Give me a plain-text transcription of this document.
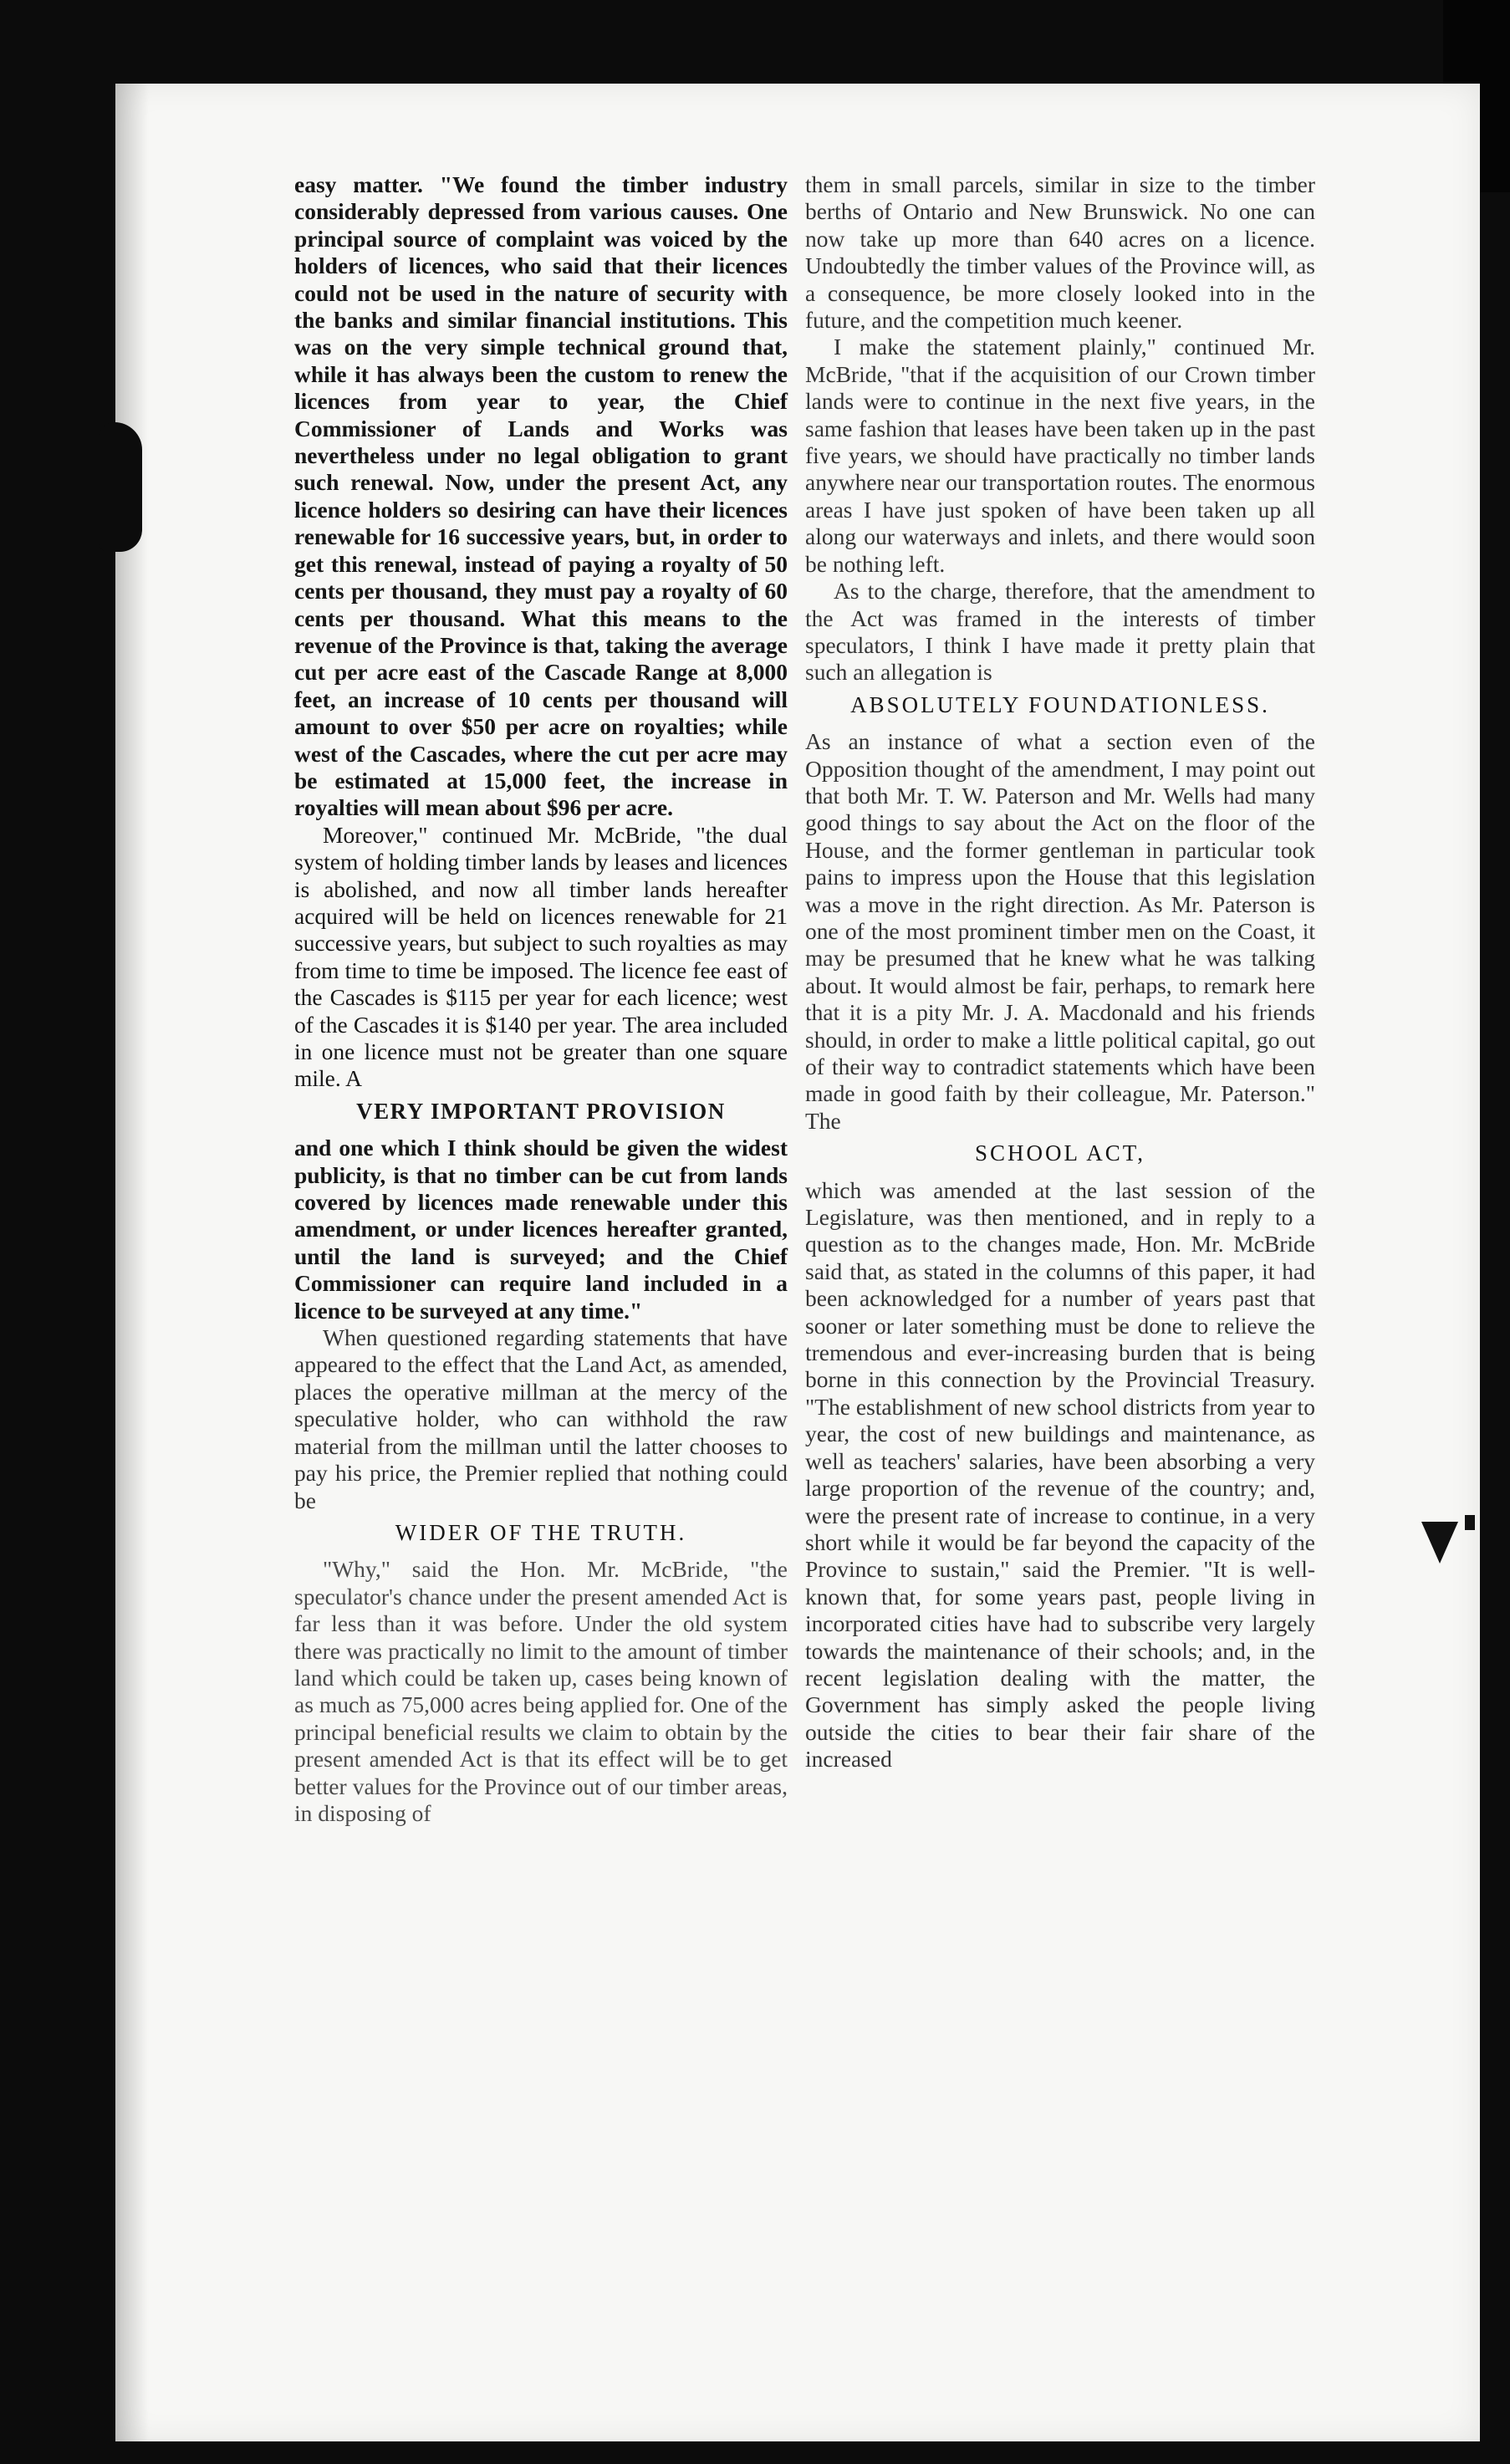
easy matter. "We found the timber industry considerably depressed from various causes. One principal source of complaint was voiced by the holders of licences, who said that their licences could not be used in the nature of security with the banks and similar financial institutions. This was on the very simple technical ground that, while it has always been the custom to renew the licences from year to year, the Chief Commissioner of Lands and Works was nevertheless under no legal obligation to grant such renewal. Now, under the present Act, any licence holders so desiring can have their licences renewable for 16 successive years, but, in order to get this renewal, instead of paying a royalty of 50 cents per thousand, they must pay a royalty of 60 cents per thousand. What this means to the revenue of the Province is that, taking the average cut per acre east of the Cascade Range at 8,000 feet, an increase of 10 cents per thousand will amount to over $50 per acre on royalties; while west of the Cascades, where the cut per acre may be estimated at 15,000 feet, the increase in royalties will mean about $96 per acre.

Moreover," continued Mr. McBride, "the dual system of holding timber lands by leases and licences is abolished, and now all timber lands hereafter acquired will be held on licences renewable for 21 successive years, but subject to such royalties as may from time to time be imposed. The licence fee east of the Cascades is $115 per year for each licence; west of the Cascades it is $140 per year. The area included in one licence must not be greater than one square mile. A

VERY IMPORTANT PROVISION

and one which I think should be given the widest publicity, is that no timber can be cut from lands covered by licences made renewable under this amendment, or under licences hereafter granted, until the land is surveyed; and the Chief Commissioner can require land included in a licence to be surveyed at any time."

When questioned regarding statements that have appeared to the effect that the Land Act, as amended, places the operative millman at the mercy of the speculative holder, who can withhold the raw material from the millman until the latter chooses to pay his price, the Premier replied that nothing could be

WIDER OF THE TRUTH.

"Why," said the Hon. Mr. McBride, "the speculator's chance under the present amended Act is far less than it was before. Under the old system there was practically no limit to the amount of timber land which could be taken up, cases being known of as much as 75,000 acres being applied for. One of the principal beneficial results we claim to obtain by the present amended Act is that its effect will be to get better values for the Province out of our timber areas, in disposing of

them in small parcels, similar in size to the timber berths of Ontario and New Brunswick. No one can now take up more than 640 acres on a licence. Undoubtedly the timber values of the Province will, as a consequence, be more closely looked into in the future, and the competition much keener.

I make the statement plainly," continued Mr. McBride, "that if the acquisition of our Crown timber lands were to continue in the next five years, in the same fashion that leases have been taken up in the past five years, we should have practically no timber lands anywhere near our transportation routes. The enormous areas I have just spoken of have been taken up all along our waterways and inlets, and there would soon be nothing left.

As to the charge, therefore, that the amendment to the Act was framed in the interests of timber speculators, I think I have made it pretty plain that such an allegation is

ABSOLUTELY FOUNDATIONLESS.

As an instance of what a section even of the Opposition thought of the amendment, I may point out that both Mr. T. W. Paterson and Mr. Wells had many good things to say about the Act on the floor of the House, and the former gentleman in particular took pains to impress upon the House that this legislation was a move in the right direction. As Mr. Paterson is one of the most prominent timber men on the Coast, it may be presumed that he knew what he was talking about. It would almost be fair, perhaps, to remark here that it is a pity Mr. J. A. Macdonald and his friends should, in order to make a little political capital, go out of their way to contradict statements which have been made in good faith by their colleague, Mr. Paterson." The

SCHOOL ACT,

which was amended at the last session of the Legislature, was then mentioned, and in reply to a question as to the changes made, Hon. Mr. McBride said that, as stated in the columns of this paper, it had been acknowledged for a number of years past that sooner or later something must be done to relieve the tremendous and ever-increasing burden that is being borne in this connection by the Provincial Treasury. "The establishment of new school districts from year to year, the cost of new buildings and maintenance, as well as teachers' salaries, have been absorbing a very large proportion of the revenue of the country; and, were the present rate of increase to continue, in a very short while it would be far beyond the capacity of the Province to sustain," said the Premier. "It is well-known that, for some years past, people living in incorporated cities have had to subscribe very largely towards the maintenance of their schools; and, in the recent legislation dealing with the matter, the Government has simply asked the people living outside the cities to bear their fair share of the increased
